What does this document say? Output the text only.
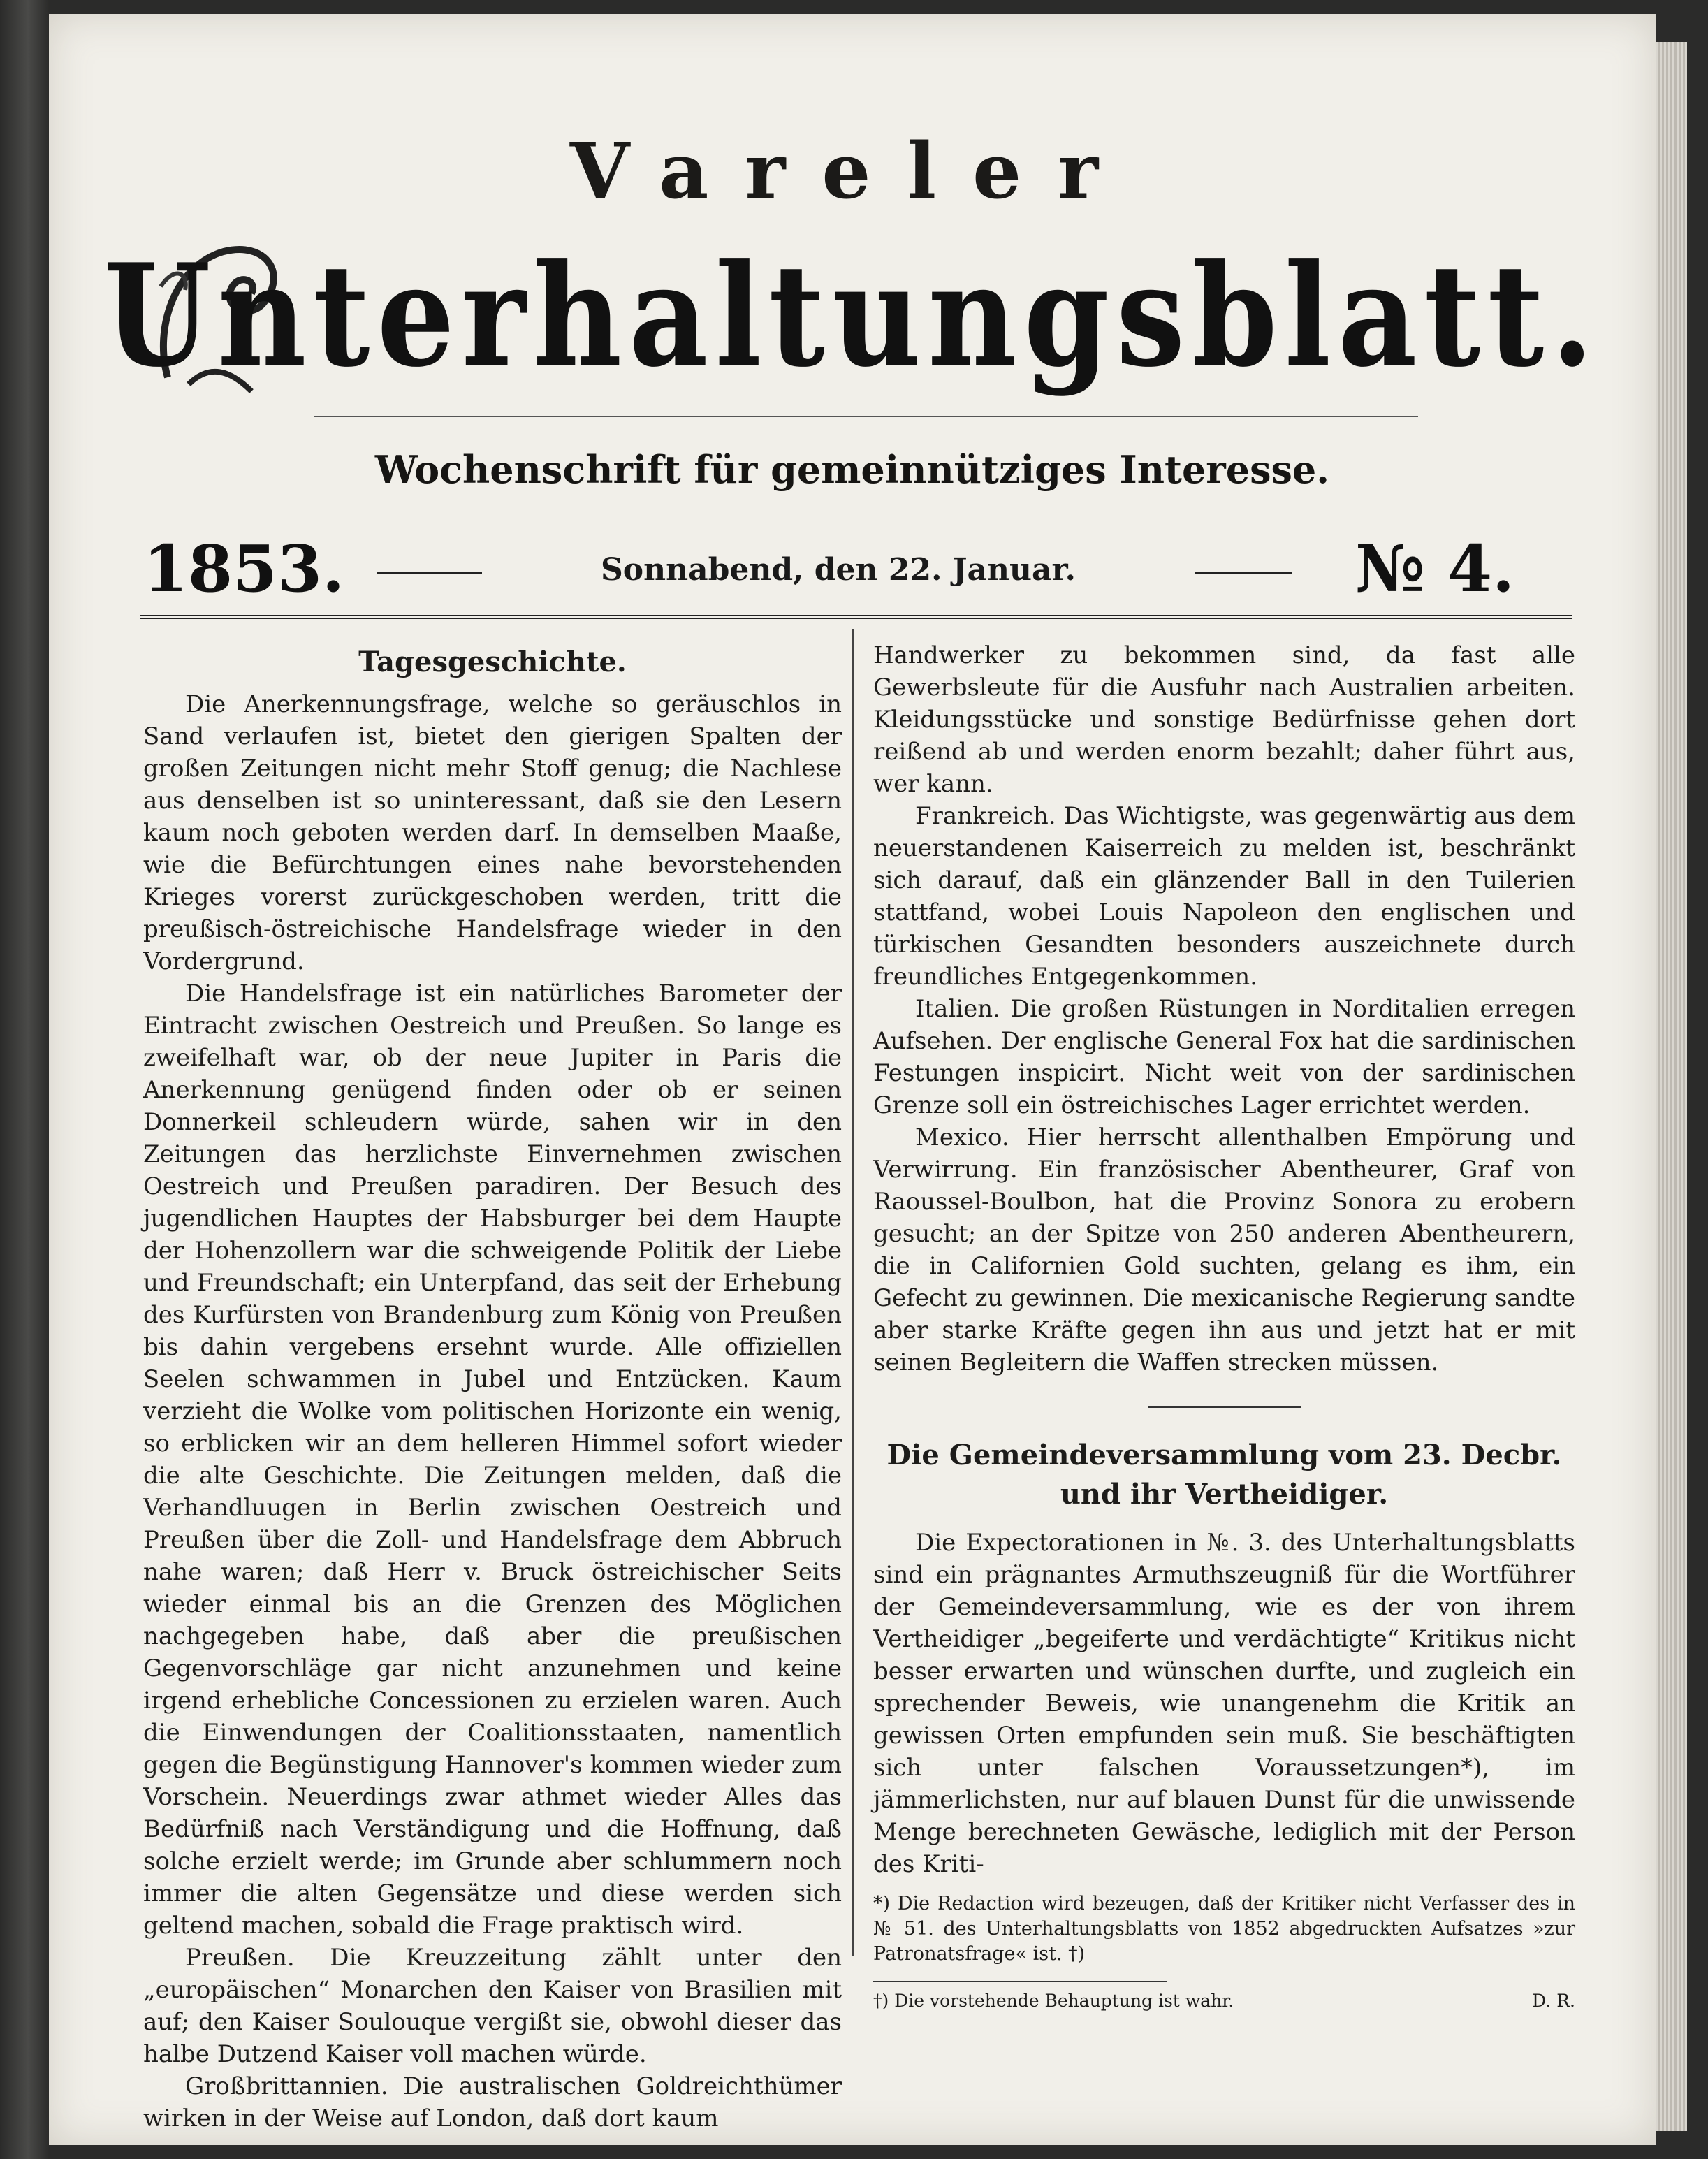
Vareler
Unterhaltungsblatt.
Wochenschrift für gemeinnütziges Interesse.
1853.	Sonnabend, den 22. Januar.	№ 4.
Tagesgeschichte.

Die Anerkennungsfrage, welche so geräuschlos in Sand verlaufen ist, bietet den gierigen Spalten der großen Zeitungen nicht mehr Stoff genug; die Nachlese aus denselben ist so uninteressant, daß sie den Lesern kaum noch geboten werden darf. In demselben Maaße, wie die Befürchtungen eines nahe bevorstehenden Krieges vorerst zurückgeschoben werden, tritt die preußisch-östreichische Handelsfrage wieder in den Vordergrund.

Die Handelsfrage ist ein natürliches Barometer der Eintracht zwischen Oestreich und Preußen. So lange es zweifelhaft war, ob der neue Jupiter in Paris die Anerkennung genügend finden oder ob er seinen Donnerkeil schleudern würde, sahen wir in den Zeitungen das herzlichste Einvernehmen zwischen Oestreich und Preußen paradiren. Der Besuch des jugendlichen Hauptes der Habsburger bei dem Haupte der Hohenzollern war die schweigende Politik der Liebe und Freundschaft; ein Unterpfand, das seit der Erhebung des Kurfürsten von Brandenburg zum König von Preußen bis dahin vergebens ersehnt wurde. Alle offiziellen Seelen schwammen in Jubel und Entzücken. Kaum verzieht die Wolke vom politischen Horizonte ein wenig, so erblicken wir an dem helleren Himmel sofort wieder die alte Geschichte. Die Zeitungen melden, daß die Verhandluugen in Berlin zwischen Oestreich und Preußen über die Zoll- und Handelsfrage dem Abbruch nahe waren; daß Herr v. Bruck östreichischer Seits wieder einmal bis an die Grenzen des Möglichen nachgegeben habe, daß aber die preußischen Gegenvorschläge gar nicht anzunehmen und keine irgend erhebliche Concessionen zu erzielen waren. Auch die Einwendungen der Coalitionsstaaten, namentlich gegen die Begünstigung Hannover's kommen wieder zum Vorschein. Neuerdings zwar athmet wieder Alles das Bedürfniß nach Verständigung und die Hoffnung, daß solche erzielt werde; im Grunde aber schlummern noch immer die alten Gegensätze und diese werden sich geltend machen, sobald die Frage praktisch wird.

Preußen. Die Kreuzzeitung zählt unter den „europäischen“ Monarchen den Kaiser von Brasilien mit auf; den Kaiser Soulouque vergißt sie, obwohl dieser das halbe Dutzend Kaiser voll machen würde.

Großbrittannien. Die australischen Goldreichthümer wirken in der Weise auf London, daß dort kaum

Handwerker zu bekommen sind, da fast alle Gewerbsleute für die Ausfuhr nach Australien arbeiten. Kleidungsstücke und sonstige Bedürfnisse gehen dort reißend ab und werden enorm bezahlt; daher führt aus, wer kann.

Frankreich. Das Wichtigste, was gegenwärtig aus dem neuerstandenen Kaiserreich zu melden ist, beschränkt sich darauf, daß ein glänzender Ball in den Tuilerien stattfand, wobei Louis Napoleon den englischen und türkischen Gesandten besonders auszeichnete durch freundliches Entgegenkommen.

Italien. Die großen Rüstungen in Norditalien erregen Aufsehen. Der englische General Fox hat die sardinischen Festungen inspicirt. Nicht weit von der sardinischen Grenze soll ein östreichisches Lager errichtet werden.

Mexico. Hier herrscht allenthalben Empörung und Verwirrung. Ein französischer Abentheurer, Graf von Raoussel-Boulbon, hat die Provinz Sonora zu erobern gesucht; an der Spitze von 250 anderen Abentheurern, die in Californien Gold suchten, gelang es ihm, ein Gefecht zu gewinnen. Die mexicanische Regierung sandte aber starke Kräfte gegen ihn aus und jetzt hat er mit seinen Begleitern die Waffen strecken müssen.

Die Gemeindeversammlung vom 23. Decbr. und ihr Vertheidiger.

Die Expectorationen in №. 3. des Unterhaltungsblatts sind ein prägnantes Armuthszeugniß für die Wortführer der Gemeindeversammlung, wie es der von ihrem Vertheidiger „begeiferte und verdächtigte“ Kritikus nicht besser erwarten und wünschen durfte, und zugleich ein sprechender Beweis, wie unangenehm die Kritik an gewissen Orten empfunden sein muß. Sie beschäftigten sich unter falschen Voraussetzungen*), im jämmerlichsten, nur auf blauen Dunst für die unwissende Menge berechneten Gewäsche, lediglich mit der Person des Kriti-

*) Die Redaction wird bezeugen, daß der Kritiker nicht Verfasser des in № 51. des Unterhaltungsblatts von 1852 abgedruckten Aufsatzes »zur Patronatsfrage« ist. †)
†) Die vorstehende Behauptung ist wahr.	D. R.
